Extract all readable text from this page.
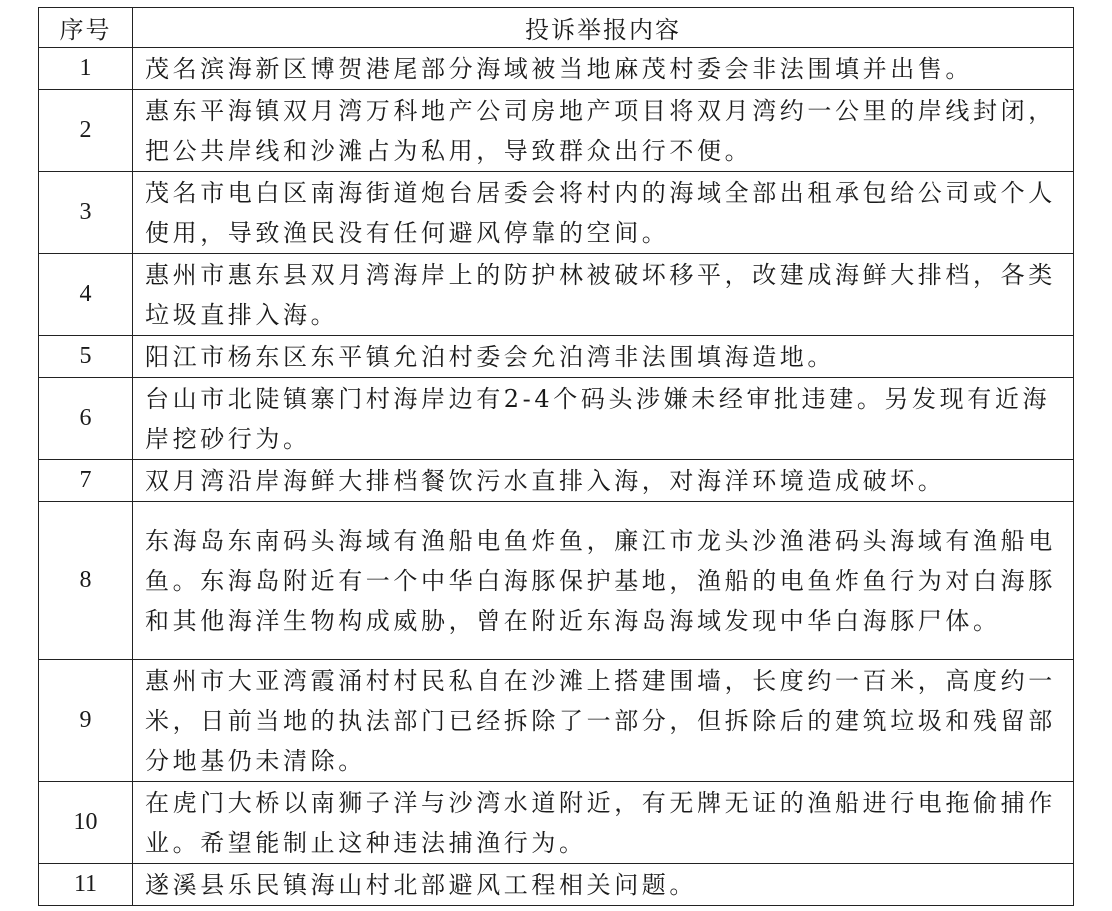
序号	投诉举报内容
1	茂名滨海新区博贺港尾部分海域被当地麻茂村委会非法围填并出售。
2	惠东平海镇双月湾万科地产公司房地产项目将双月湾约一公里的岸线封闭，把公共岸线和沙滩占为私用，导致群众出行不便。
3	茂名市电白区南海街道炮台居委会将村内的海域全部出租承包给公司或个人使用，导致渔民没有任何避风停靠的空间。
4	惠州市惠东县双月湾海岸上的防护林被破坏移平，改建成海鲜大排档，各类垃圾直排入海。
5	阳江市杨东区东平镇允泊村委会允泊湾非法围填海造地。
6	台山市北陡镇寨门村海岸边有2-4个码头涉嫌未经审批违建。另发现有近海岸挖砂行为。
7	双月湾沿岸海鲜大排档餐饮污水直排入海，对海洋环境造成破坏。
8	东海岛东南码头海域有渔船电鱼炸鱼，廉江市龙头沙渔港码头海域有渔船电鱼。东海岛附近有一个中华白海豚保护基地，渔船的电鱼炸鱼行为对白海豚和其他海洋生物构成威胁，曾在附近东海岛海域发现中华白海豚尸体。
9	惠州市大亚湾霞涌村村民私自在沙滩上搭建围墙，长度约一百米，高度约一米，日前当地的执法部门已经拆除了一部分，但拆除后的建筑垃圾和残留部分地基仍未清除。
10	在虎门大桥以南狮子洋与沙湾水道附近，有无牌无证的渔船进行电拖偷捕作业。希望能制止这种违法捕渔行为。
11	遂溪县乐民镇海山村北部避风工程相关问题。
